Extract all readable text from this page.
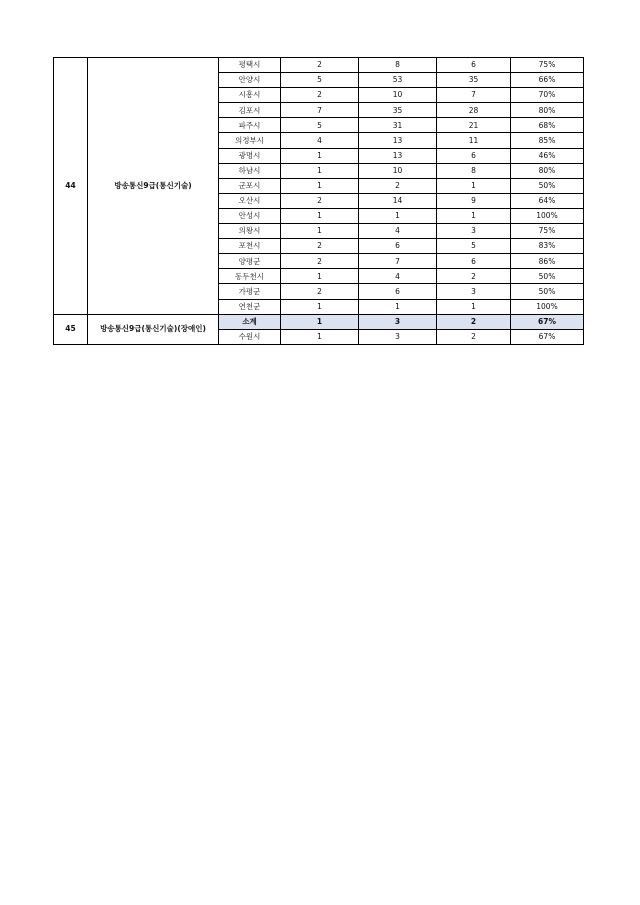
44	방송통신9급(통신기술)	평택시	2	8	6	75%
		안양시	5	53	35	66%
		시흥시	2	10	7	70%
		김포시	7	35	28	80%
		파주시	5	31	21	68%
		의정부시	4	13	11	85%
		광명시	1	13	6	46%
		하남시	1	10	8	80%
		군포시	1	2	1	50%
		오산시	2	14	9	64%
		안성시	1	1	1	100%
		의왕시	1	4	3	75%
		포천시	2	6	5	83%
		양평군	2	7	6	86%
		동두천시	1	4	2	50%
		가평군	2	6	3	50%
		연천군	1	1	1	100%
45	방송통신9급(통신기술)(장애인)	소계	1	3	2	67%
		수원시	1	3	2	67%
